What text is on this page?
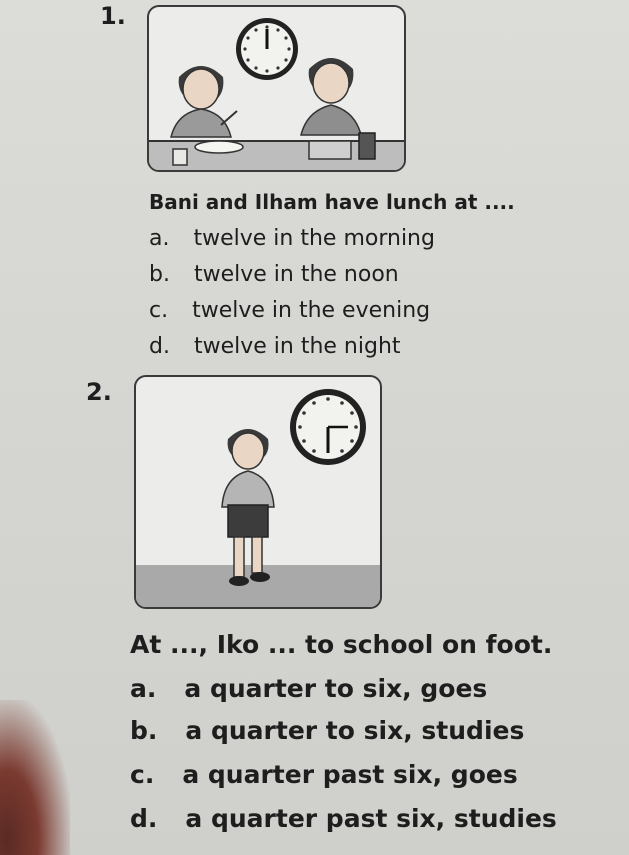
1.
Bani and Ilham have lunch at ....
a. twelve in the morning
b. twelve in the noon
c. twelve in the evening
d. twelve in the night
2.
At ..., Iko ... to school on foot.
a. a quarter to six, goes
b. a quarter to six, studies
c. a quarter past six, goes
d. a quarter past six, studies
